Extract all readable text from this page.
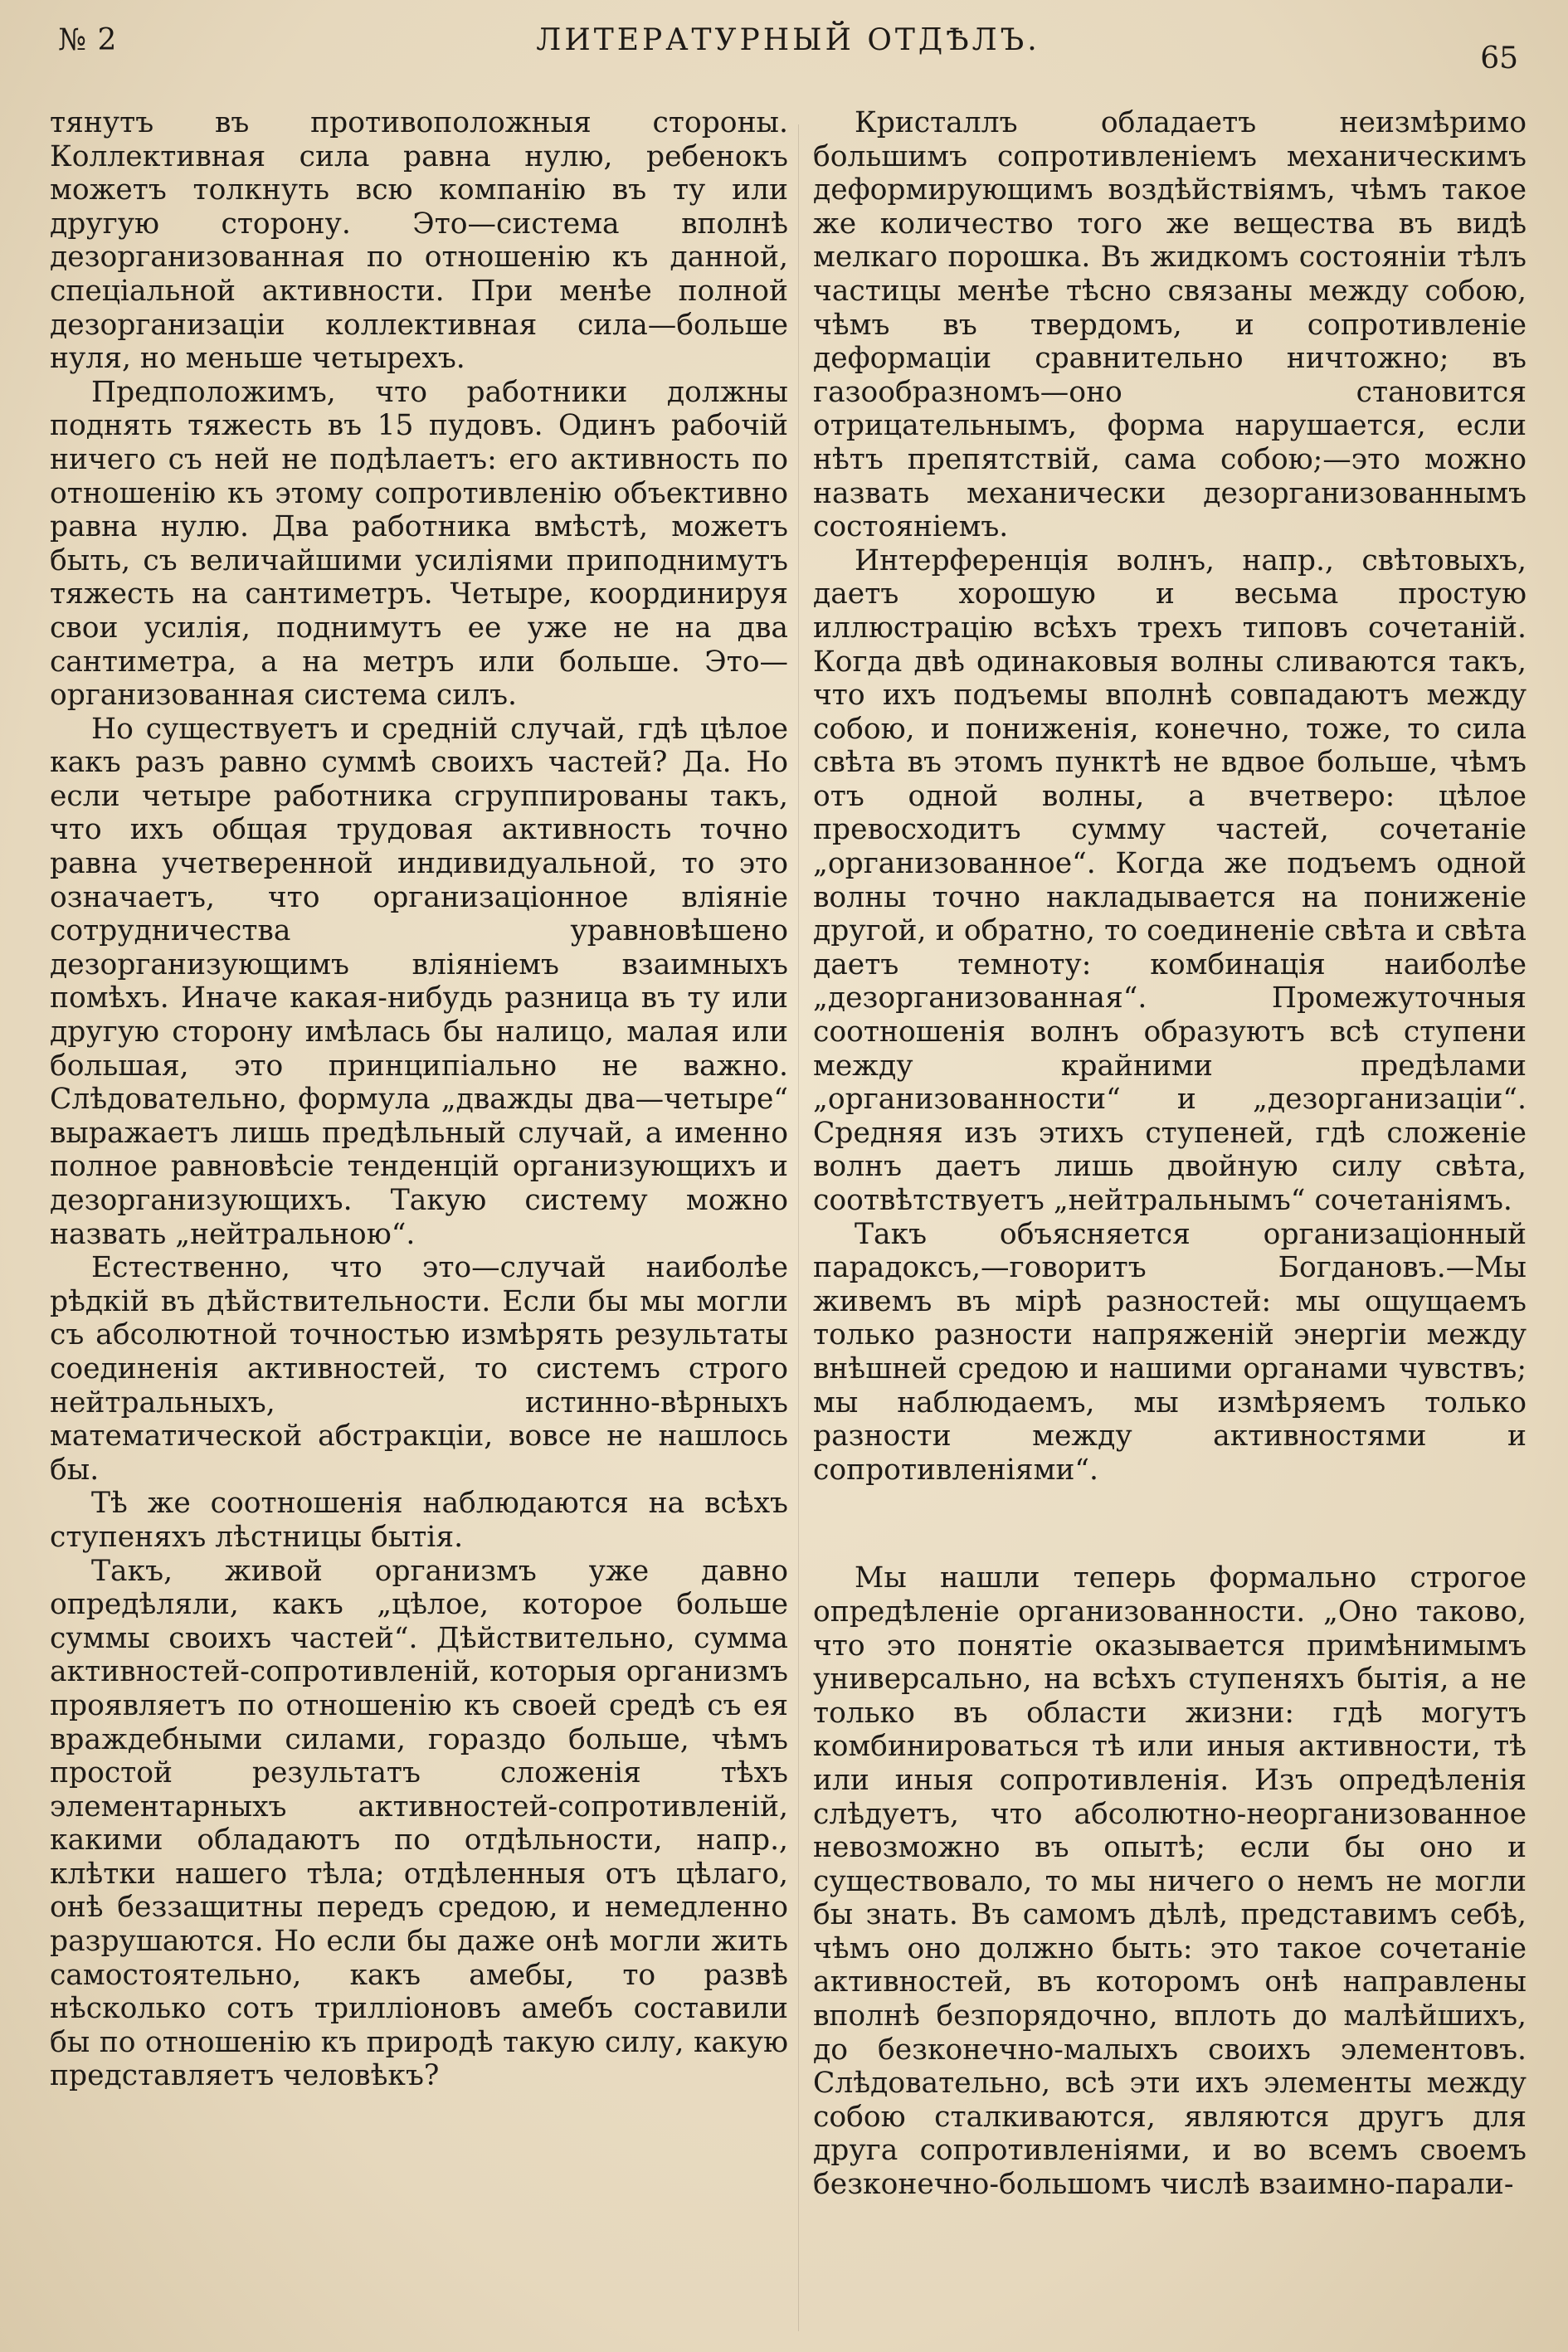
№ 2	ЛИТЕРАТУРНЫЙ ОТДѢЛЪ.
65

тянутъ въ противоположныя стороны. Коллективная сила равна нулю, ребенокъ можетъ толкнуть всю компанію въ ту или другую сторону. Это—система вполнѣ дезорганизованная по отношенію къ данной, спеціальной активности. При менѣе полной дезорганизаціи коллективная сила—больше нуля, но меньше четырехъ.

Предположимъ, что работники должны поднять тяжесть въ 15 пудовъ. Одинъ рабочій ничего съ ней не подѣлаетъ: его активность по отношенію къ этому сопротивленію объективно равна нулю. Два работника вмѣстѣ, можетъ быть, съ величайшими усиліями приподнимутъ тяжесть на сантиметръ. Четыре, координируя свои усилія, поднимутъ ее уже не на два сантиметра, а на метръ или больше. Это—организованная система силъ.

Но существуетъ и средній случай, гдѣ цѣлое какъ разъ равно суммѣ своихъ частей? Да. Но если четыре работника сгруппированы такъ, что ихъ общая трудовая активность точно равна учетверенной индивидуальной, то это означаетъ, что организаціонное вліяніе сотрудничества уравновѣшено дезорганизующимъ вліяніемъ взаимныхъ помѣхъ. Иначе какая-нибудь разница въ ту или другую сторону имѣлась бы налицо, малая или большая, это принципіально не важно. Слѣдовательно, формула „дважды два—четыре“ выражаетъ лишь предѣльный случай, а именно полное равновѣсіе тенденцій организующихъ и дезорганизующихъ. Такую систему можно назвать „нейтральною“.

Естественно, что это—случай наиболѣе рѣдкій въ дѣйствительности. Если бы мы могли съ абсолютной точностью измѣрять результаты соединенія активностей, то системъ строго нейтральныхъ, истинно-вѣрныхъ математической абстракціи, вовсе не нашлось бы.

Тѣ же соотношенія наблюдаются на всѣхъ ступеняхъ лѣстницы бытія.

Такъ, живой организмъ уже давно опредѣляли, какъ „цѣлое, которое больше суммы своихъ частей“. Дѣйствительно, сумма активностей-сопротивленій, которыя организмъ проявляетъ по отношенію къ своей средѣ съ ея враждебными силами, гораздо больше, чѣмъ простой результатъ сложенія тѣхъ элементарныхъ активностей-сопротивленій, какими обладаютъ по отдѣльности, напр., клѣтки нашего тѣла; отдѣленныя отъ цѣлаго, онѣ беззащитны передъ средою, и немедленно разрушаются. Но если бы даже онѣ могли жить самостоятельно, какъ амебы, то развѣ нѣсколько сотъ трилліоновъ амебъ составили бы по отношенію къ природѣ такую силу, какую представляетъ человѣкъ?

Кристаллъ обладаетъ неизмѣримо большимъ сопротивленіемъ механическимъ деформирующимъ воздѣйствіямъ, чѣмъ такое же количество того же вещества въ видѣ мелкаго порошка. Въ жидкомъ состояніи тѣлъ частицы менѣе тѣсно связаны между собою, чѣмъ въ твердомъ, и сопротивленіе деформаціи сравнительно ничтожно; въ газообразномъ—оно становится отрицательнымъ, форма нарушается, если нѣтъ препятствій, сама собою;—это можно назвать механически дезорганизованнымъ состояніемъ.

Интерференція волнъ, напр., свѣтовыхъ, даетъ хорошую и весьма простую иллюстрацію всѣхъ трехъ типовъ сочетаній. Когда двѣ одинаковыя волны сливаются такъ, что ихъ подъемы вполнѣ совпадаютъ между собою, и пониженія, конечно, тоже, то сила свѣта въ этомъ пунктѣ не вдвое больше, чѣмъ отъ одной волны, а вчетверо: цѣлое превосходитъ сумму частей, сочетаніе „организованное“. Когда же подъемъ одной волны точно накладывается на пониженіе другой, и обратно, то соединеніе свѣта и свѣта даетъ темноту: комбинація наиболѣе „дезорганизованная“. Промежуточныя соотношенія волнъ образуютъ всѣ ступени между крайними предѣлами „организованности“ и „дезорганизаціи“. Средняя изъ этихъ ступеней, гдѣ сложеніе волнъ даетъ лишь двойную силу свѣта, соотвѣтствуетъ „нейтральнымъ“ сочетаніямъ.

Такъ объясняется организаціонный парадоксъ,—говоритъ Богдановъ.—Мы живемъ въ мірѣ разностей: мы ощущаемъ только разности напряженій энергіи между внѣшней средою и нашими органами чувствъ; мы наблюдаемъ, мы измѣряемъ только разности между активностями и сопротивленіями“.

Мы нашли теперь формально строгое опредѣленіе организованности. „Оно таково, что это понятіе оказывается примѣнимымъ универсально, на всѣхъ ступеняхъ бытія, а не только въ области жизни: гдѣ могутъ комбинироваться тѣ или иныя активности, тѣ или иныя сопротивленія. Изъ опредѣленія слѣдуетъ, что абсолютно-неорганизованное невозможно въ опытѣ; если бы оно и существовало, то мы ничего о немъ не могли бы знать. Въ самомъ дѣлѣ, представимъ себѣ, чѣмъ оно должно быть: это такое сочетаніе активностей, въ которомъ онѣ направлены вполнѣ безпорядочно, вплоть до малѣйшихъ, до безконечно-малыхъ своихъ элементовъ. Слѣдовательно, всѣ эти ихъ элементы между собою сталкиваются, являются другъ для друга сопротивленіями, и во всемъ своемъ безконечно-большомъ числѣ взаимно-парали-
